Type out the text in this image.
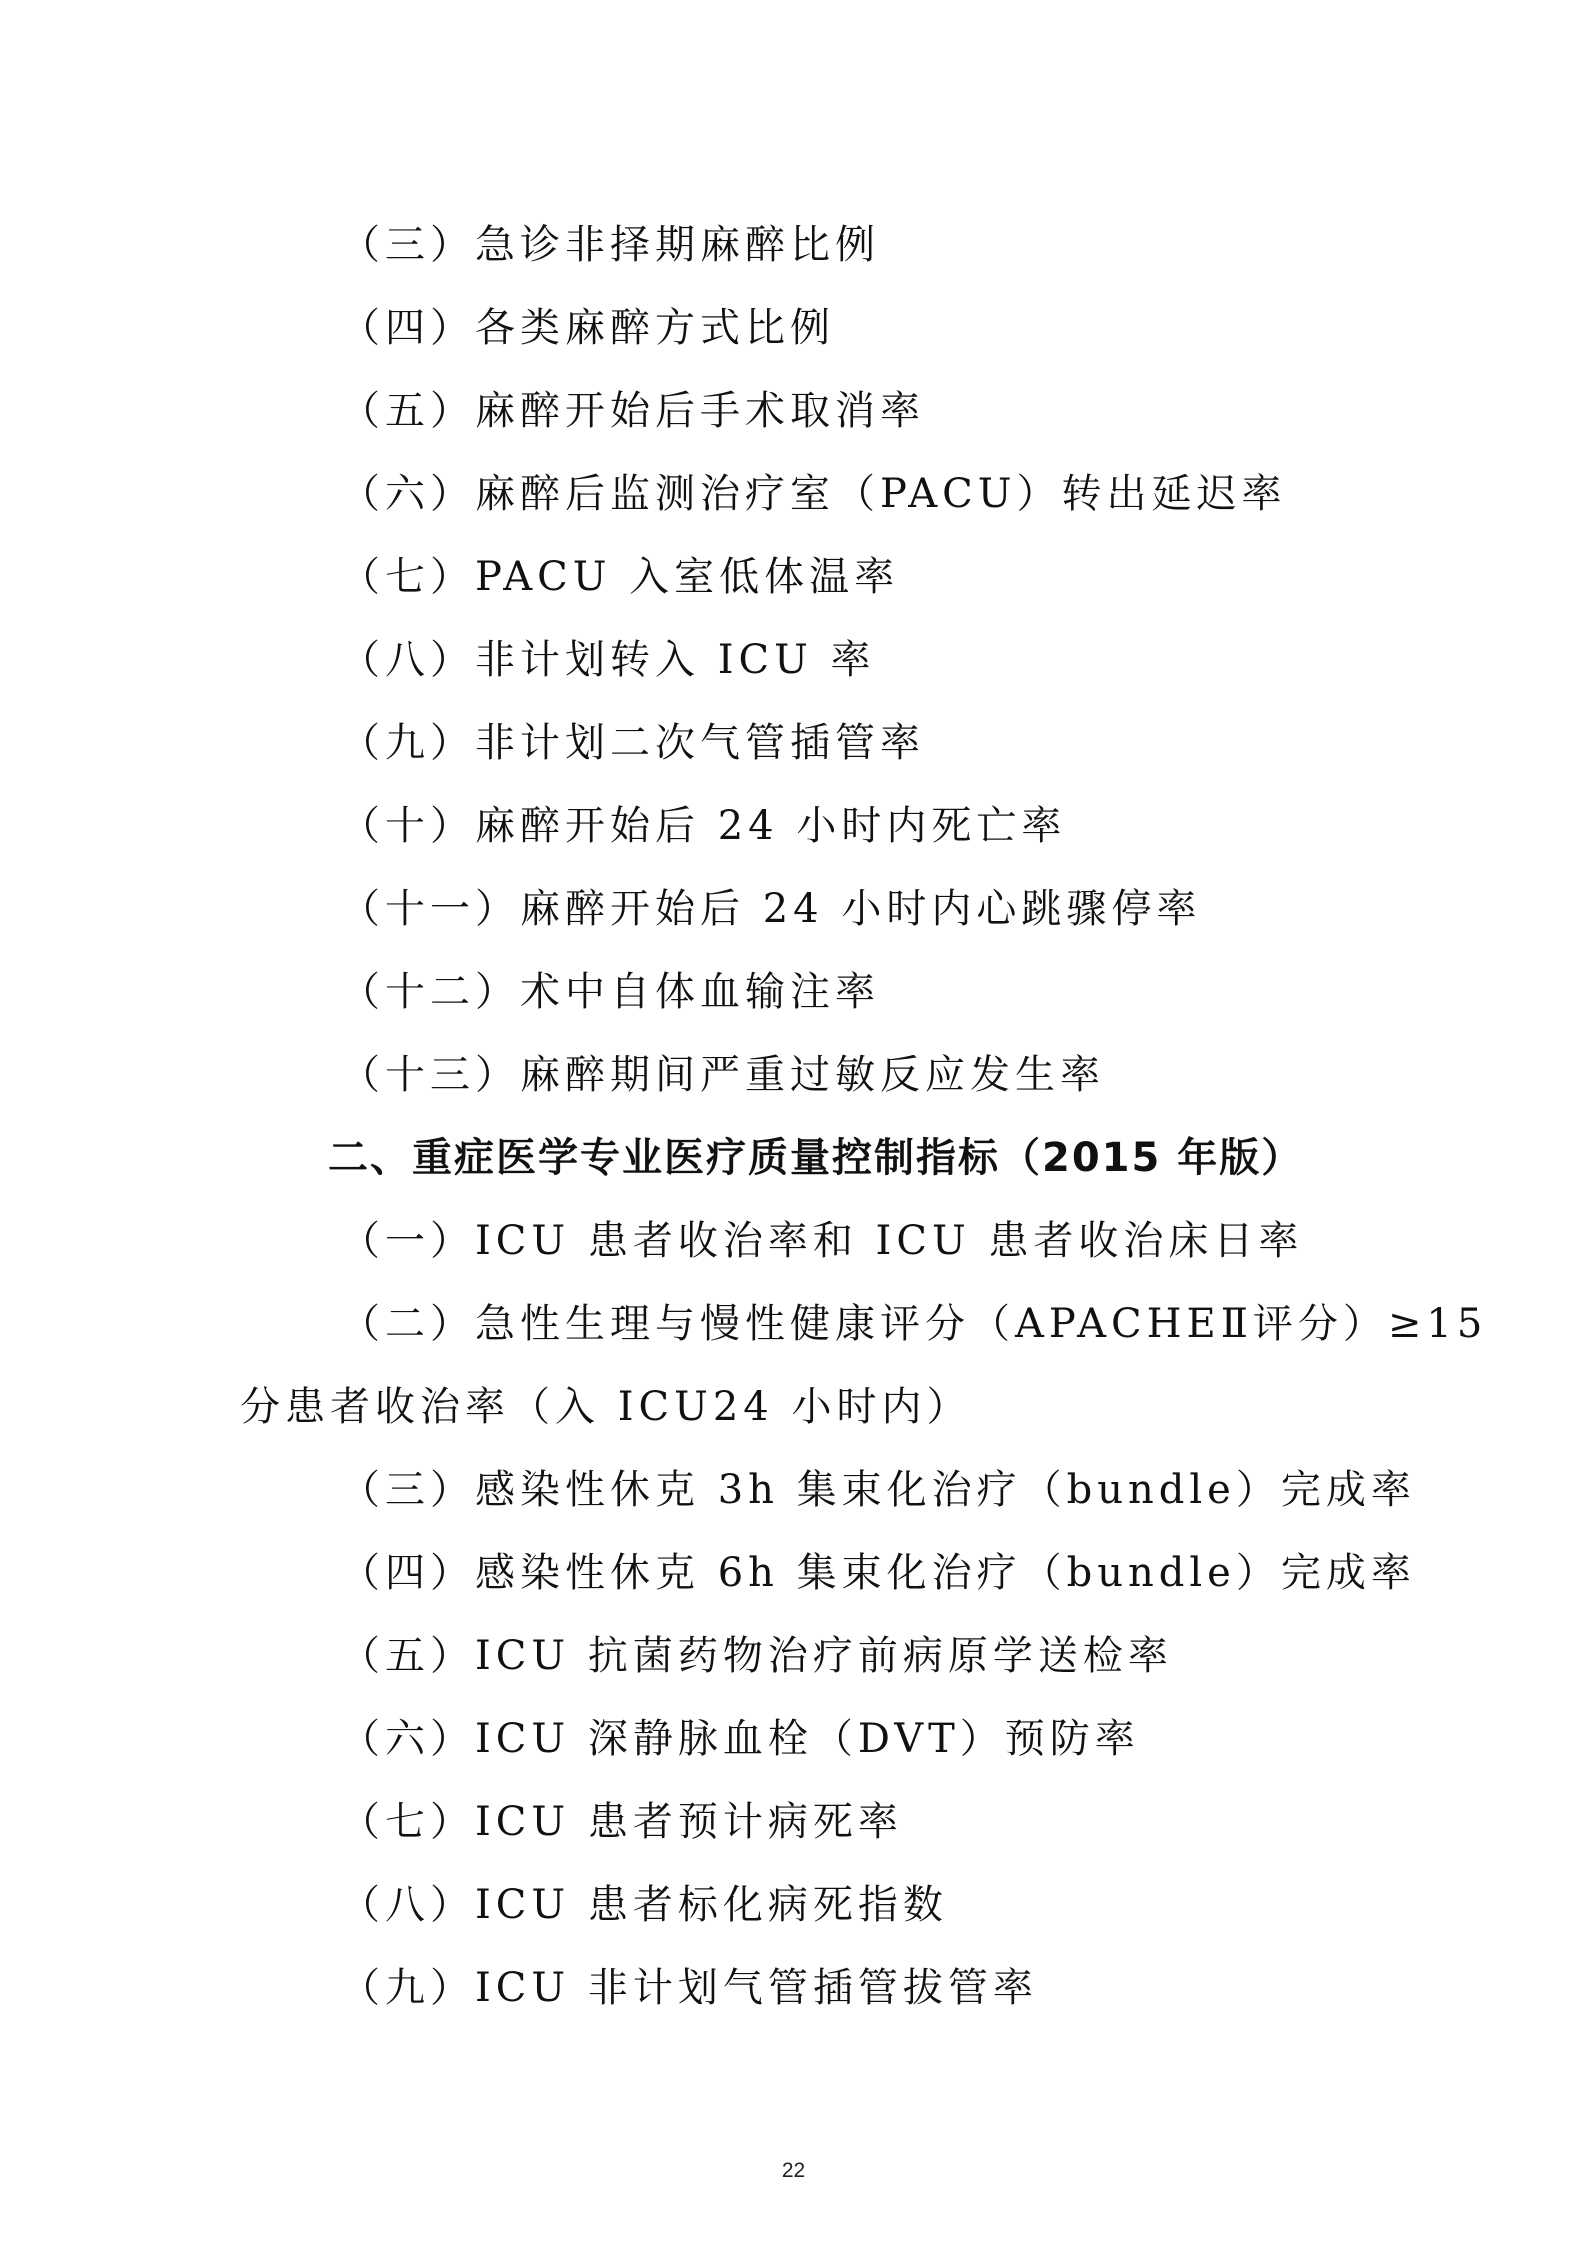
（三）急诊非择期麻醉比例
（四）各类麻醉方式比例
（五）麻醉开始后手术取消率
（六）麻醉后监测治疗室（PACU）转出延迟率
（七）PACU 入室低体温率
（八）非计划转入 ICU 率
（九）非计划二次气管插管率
（十）麻醉开始后 24 小时内死亡率
（十一）麻醉开始后 24 小时内心跳骤停率
（十二）术中自体血输注率
（十三）麻醉期间严重过敏反应发生率
二、重症医学专业医疗质量控制指标（2015 年版）
（一）ICU 患者收治率和 ICU 患者收治床日率
（二）急性生理与慢性健康评分（APACHEⅡ评分）≥15
分患者收治率（入 ICU24 小时内）
（三）感染性休克 3h 集束化治疗（bundle）完成率
（四）感染性休克 6h 集束化治疗（bundle）完成率
（五）ICU 抗菌药物治疗前病原学送检率
（六）ICU 深静脉血栓（DVT）预防率
（七）ICU 患者预计病死率
（八）ICU 患者标化病死指数
（九）ICU 非计划气管插管拔管率
22
